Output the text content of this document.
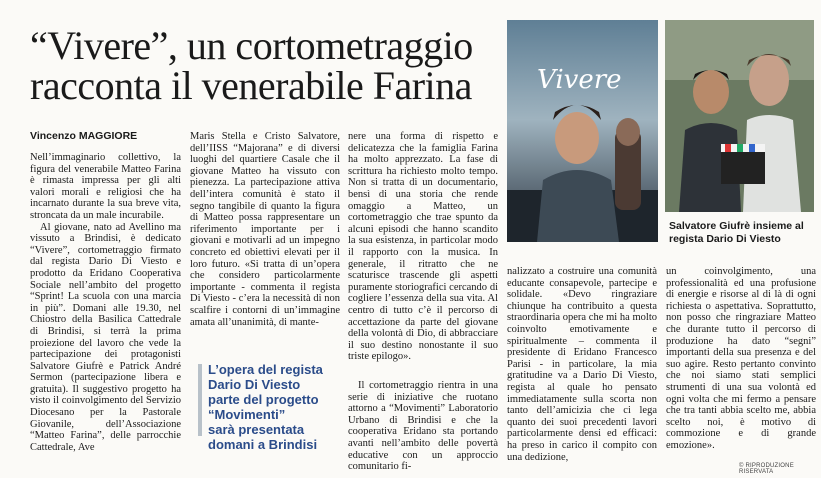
“Vivere”, un cortometraggio
racconta il venerabile Farina
Vincenzo MAGGIORE

Nell’immaginario collettivo, la figura del venerabile Matteo Farina è rimasta impressa per gli alti valori morali e religiosi che ha incarnato durante la sua breve vita, stroncata da un male incurabile.

Al giovane, nato ad Avellino ma vissuto a Brindisi, è dedicato “Vivere”, cortometraggio firmato dal regista Dario Di Viesto e prodotto da Eridano Cooperativa Sociale nell’ambito del progetto “Sprint! La scuola con una marcia in più”. Domani alle 19.30, nel Chiostro della Basilica Cattedrale di Brindisi, si terrà la prima proiezione del lavoro che vede la partecipazione dei protagonisti Salvatore Giufrè e Patrick André Sermon (partecipazione libera e gratuita). Il suggestivo progetto ha visto il coinvolgimento del Servizio Diocesano per la Pastorale Giovanile, dell’Associazione “Matteo Farina”, delle parrocchie Cattedrale, Ave

Maris Stella e Cristo Salvatore, dell’IISS “Majorana” e di diversi luoghi del quartiere Casale che il giovane Matteo ha vissuto con pienezza. La partecipazione attiva dell’intera comunità è stato il segno tangibile di quanto la figura di Matteo possa rappresentare un riferimento importante per i giovani e motivarli ad un impegno concreto ed obiettivi elevati per il loro futuro. «Si tratta di un’opera che considero particolarmente importante - commenta il regista Di Viesto - c’era la necessità di non scalfire i contorni di un’immagine amata all’unanimità, di mante-

nere una forma di rispetto e delicatezza che la famiglia Farina ha molto apprezzato. La fase di scrittura ha richiesto molto tempo. Non si tratta di un documentario, bensì di una storia che rende omaggio a Matteo, un cortometraggio che trae spunto da alcuni episodi che hanno scandito la sua esistenza, in particolar modo il rapporto con la musica. In generale, il ritratto che ne scaturisce trascende gli aspetti puramente storiografici cercando di cogliere l’essenza della sua vita. Al centro di tutto c’è il percorso di accettazione da parte del giovane della volontà di Dio, di abbracciare il suo destino nonostante il suo triste epilogo».

Il cortometraggio rientra in una serie di iniziative che ruotano attorno a “Movimenti” Laboratorio Urbano di Brindisi e che la cooperativa Eridano sta portando avanti nell’ambito delle povertà educative con un approccio comunitario fi-

nalizzato a costruire una comunità educante consapevole, partecipe e solidale. «Devo ringraziare chiunque ha contribuito a questa straordinaria opera che mi ha molto coinvolto emotivamente e spiritualmente – commenta il presidente di Eridano Francesco Parisi - in particolare, la mia gratitudine va a Dario Di Viesto, regista al quale ho pensato immediatamente sulla scorta non tanto dell’amicizia che ci lega quanto dei suoi precedenti lavori particolarmente densi ed efficaci: ha preso in carico il compito con una dedizione,

un coinvolgimento, una professionalità ed una profusione di energie e risorse al di là di ogni richiesta o aspettativa. Soprattutto, non posso che ringraziare Matteo che durante tutto il percorso di produzione ha dato “segni” importanti della sua presenza e del suo agire. Resto pertanto convinto che noi siamo stati semplici strumenti di una sua volontà ed ogni volta che mi fermo a pensare che tra tanti abbia scelto me, abbia scelto noi, è motivo di commozione e di grande emozione».

Vivere
Salvatore Giufrè insieme al regista Dario Di Viesto
L’opera del regista
Dario Di Viesto
parte del progetto
“Movimenti”
sarà presentata
domani a Brindisi
© RIPRODUZIONE RISERVATA
